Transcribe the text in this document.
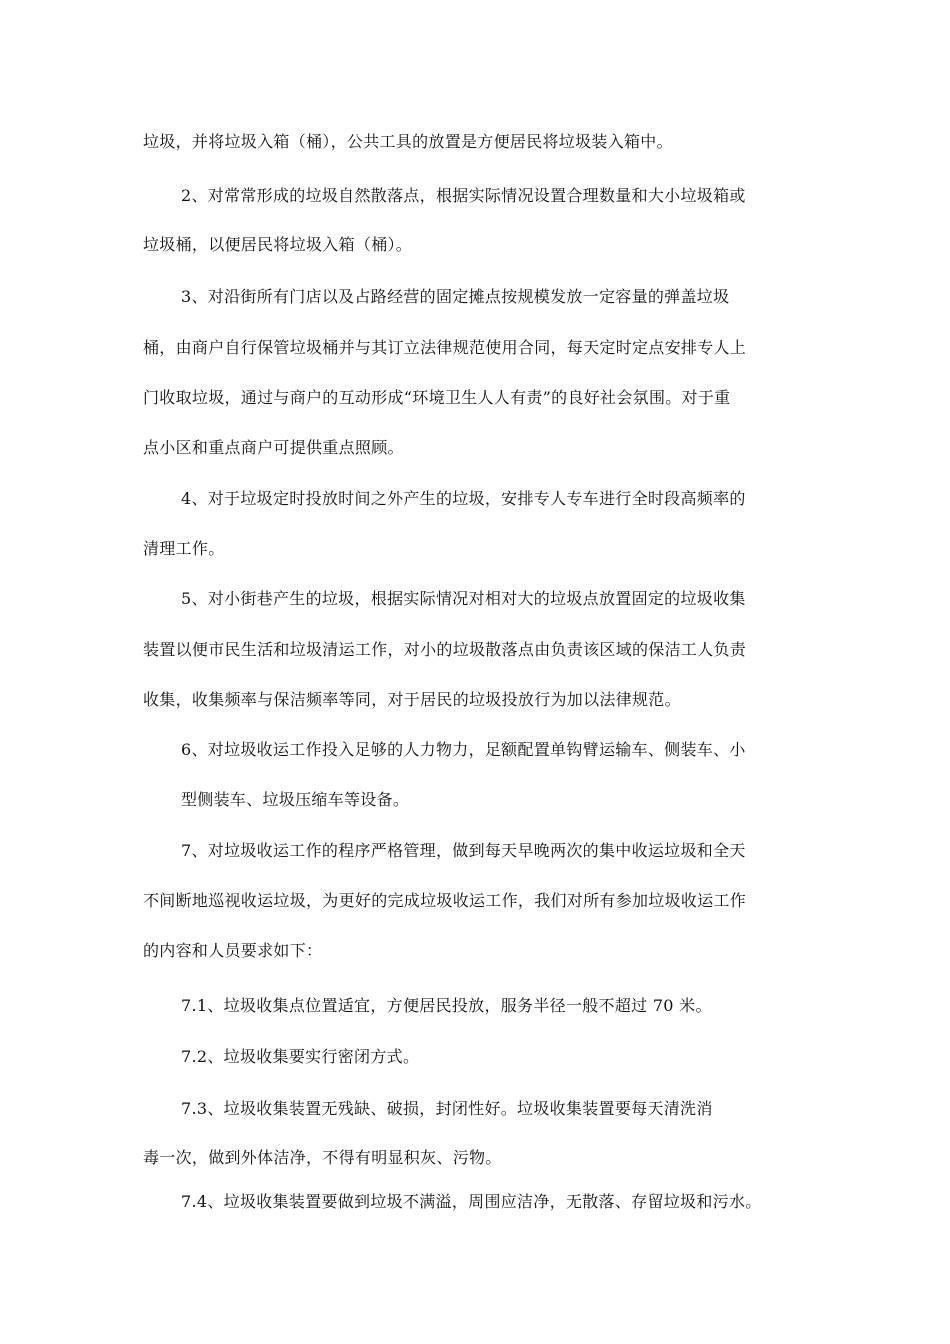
垃圾，并将垃圾入箱（桶），公共工具的放置是方便居民将垃圾装入箱中。
2、对常常形成的垃圾自然散落点，根据实际情况设置合理数量和大小垃圾箱或
垃圾桶，以便居民将垃圾入箱（桶）。
3、对沿街所有门店以及占路经营的固定摊点按规模发放一定容量的弹盖垃圾
桶，由商户自行保管垃圾桶并与其订立法律规范使用合同，每天定时定点安排专人上
门收取垃圾，通过与商户的互动形成“环境卫生人人有责”的良好社会氛围。对于重
点小区和重点商户可提供重点照顾。
4、对于垃圾定时投放时间之外产生的垃圾，安排专人专车进行全时段高频率的
清理工作。
5、对小街巷产生的垃圾，根据实际情况对相对大的垃圾点放置固定的垃圾收集
装置以便市民生活和垃圾清运工作，对小的垃圾散落点由负责该区域的保洁工人负责
收集，收集频率与保洁频率等同，对于居民的垃圾投放行为加以法律规范。
6、对垃圾收运工作投入足够的人力物力，足额配置单钩臂运输车、侧装车、小
型侧装车、垃圾压缩车等设备。
7、对垃圾收运工作的程序严格管理，做到每天早晚两次的集中收运垃圾和全天
不间断地巡视收运垃圾，为更好的完成垃圾收运工作，我们对所有参加垃圾收运工作
的内容和人员要求如下：
7.1、垃圾收集点位置适宜，方便居民投放，服务半径一般不超过 70 米。
7.2、垃圾收集要实行密闭方式。
7.3、垃圾收集装置无残缺、破损，封闭性好。垃圾收集装置要每天清洗消
毒一次，做到外体洁净，不得有明显积灰、污物。
7.4、垃圾收集装置要做到垃圾不满溢，周围应洁净，无散落、存留垃圾和污水。
